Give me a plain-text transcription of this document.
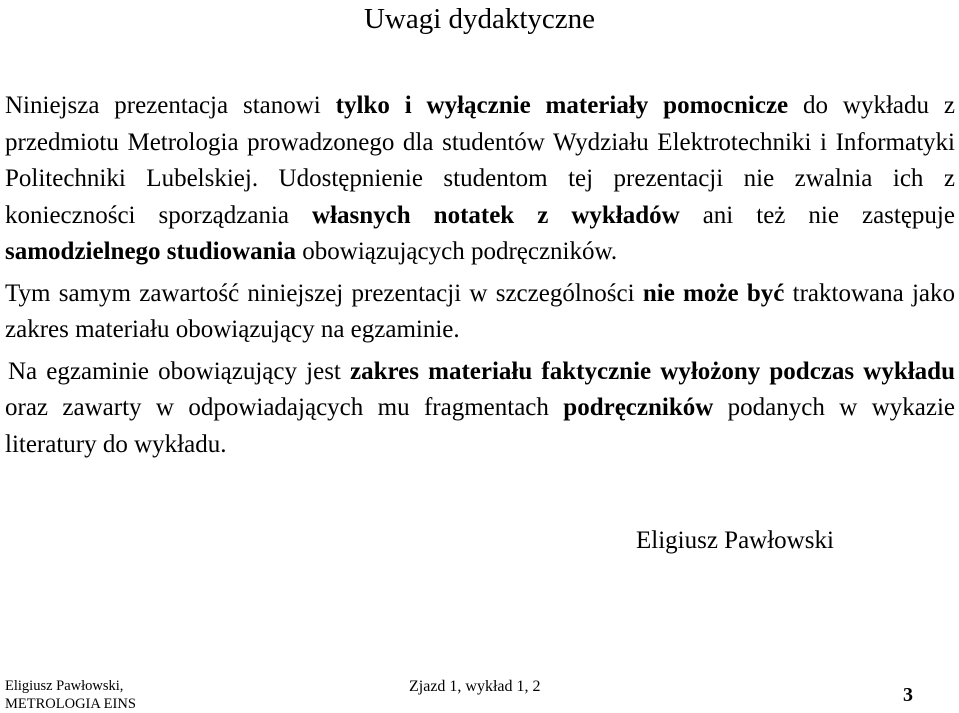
Uwagi dydaktyczne

Niniejsza prezentacja stanowi tylko i wyłącznie materiały pomocnicze do wykładu z przedmiotu Metrologia prowadzonego dla studentów Wydziału Elektrotechniki i Informatyki Politechniki Lubelskiej. Udostępnienie studentom tej prezentacji nie zwalnia ich z konieczności sporządzania własnych notatek z wykładów ani też nie zastępuje samodzielnego studiowania obowiązujących podręczników.

Tym samym zawartość niniejszej prezentacji w szczególności nie może być traktowana jako zakres materiału obowiązujący na egzaminie.

Na egzaminie obowiązujący jest zakres materiału faktycznie wyłożony podczas wykładu oraz zawarty w odpowiadających mu fragmentach podręczników podanych w wykazie literatury do wykładu.

Eligiusz Pawłowski

Eligiusz Pawłowski,
METROLOGIA EINS
Zjazd 1, wykład 1, 2	3
